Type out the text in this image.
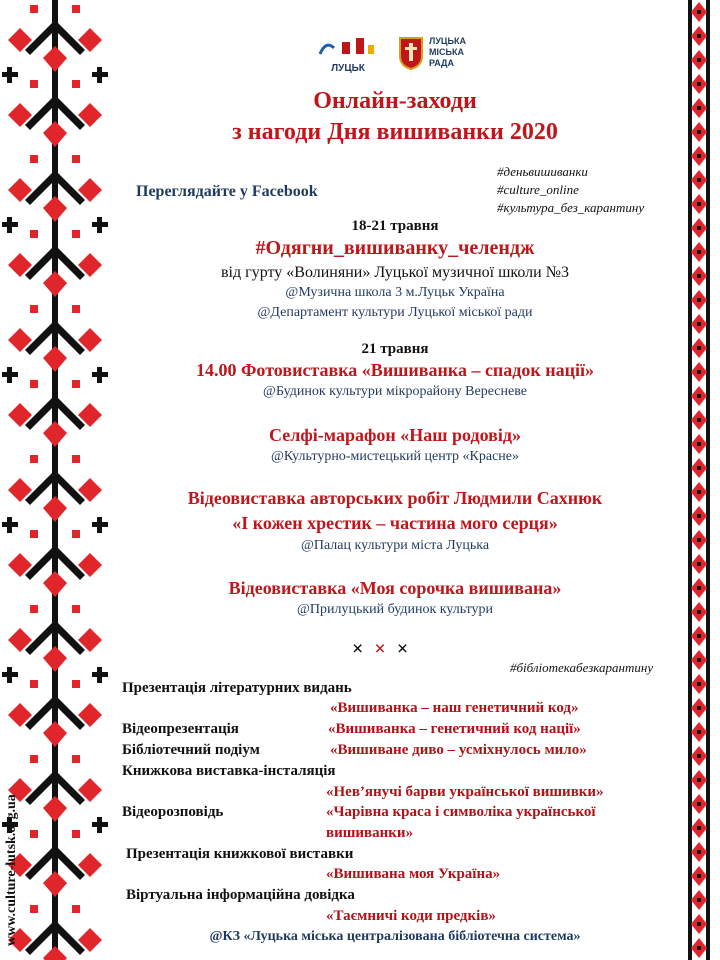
www.culture-lutsk.org.ua
ЛУЦЬК
ЛУЦЬКА
МІСЬКА
РАДА
Онлайн-заходи
з нагоди Дня вишиванки 2020
Переглядайте у Facebook
#деньвишиванки
#culture_online
#культура_без_карантину
18-21 травня
#Одягни_вишиванку_челендж
від гурту «Волиняни» Луцької музичної школи №3
@Музична школа 3 м.Луцьк Україна
@Департамент культури Луцької міської ради
21 травня
14.00 Фотовиставка «Вишиванка – спадок нації»
@Будинок культури мікрорайону Вересневе
Селфі-марафон «Наш родовід»
@Культурно-мистецький центр «Красне»
Відеовиставка авторських робіт Людмили Сахнюк
«І кожен хрестик – частина мого серця»
@Палац культури міста Луцька
Відеовиставка «Моя сорочка вишивана»
@Прилуцький будинок культури
× × ×
#бібліотекабезкарантину
Презентація літературних видань
«Вишиванка – наш генетичний код»
Відеопрезентація	«Вишиванка – генетичний код нації»
Бібліотечний подіум	«Вишиване диво – усміхнулось мило»
Книжкова виставка-інсталяція
«Нев’янучі барви української вишивки»
Відеорозповідь	«Чарівна краса і символіка української
вишиванки»
Презентація книжкової виставки
«Вишивана моя Україна»
Віртуальна інформаційна довідка
«Таємничі коди предків»
@КЗ «Луцька міська централізована бібліотечна система»
